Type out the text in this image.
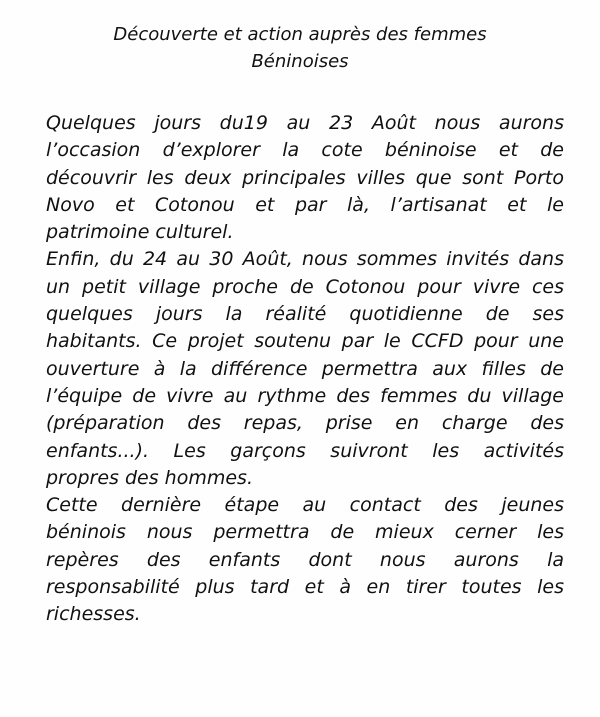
Découverte et action auprès des femmes
Béninoises

Quelques jours du19 au 23 Août nous aurons
l’occasion d’explorer la cote béninoise et de
découvrir les deux principales villes que sont Porto
Novo et Cotonou et par là, l’artisanat et le
patrimoine culturel.

Enfin, du 24 au 30 Août, nous sommes invités dans
un petit village proche de Cotonou pour vivre ces
quelques jours la réalité quotidienne de ses
habitants. Ce projet soutenu par le CCFD pour une
ouverture à la différence permettra aux filles de
l’équipe de vivre au rythme des femmes du village
(préparation des repas, prise en charge des
enfants...). Les garçons suivront les activités
propres des hommes.

Cette dernière étape au contact des jeunes
béninois nous permettra de mieux cerner les
repères des enfants dont nous aurons la
responsabilité plus tard et à en tirer toutes les
richesses.
